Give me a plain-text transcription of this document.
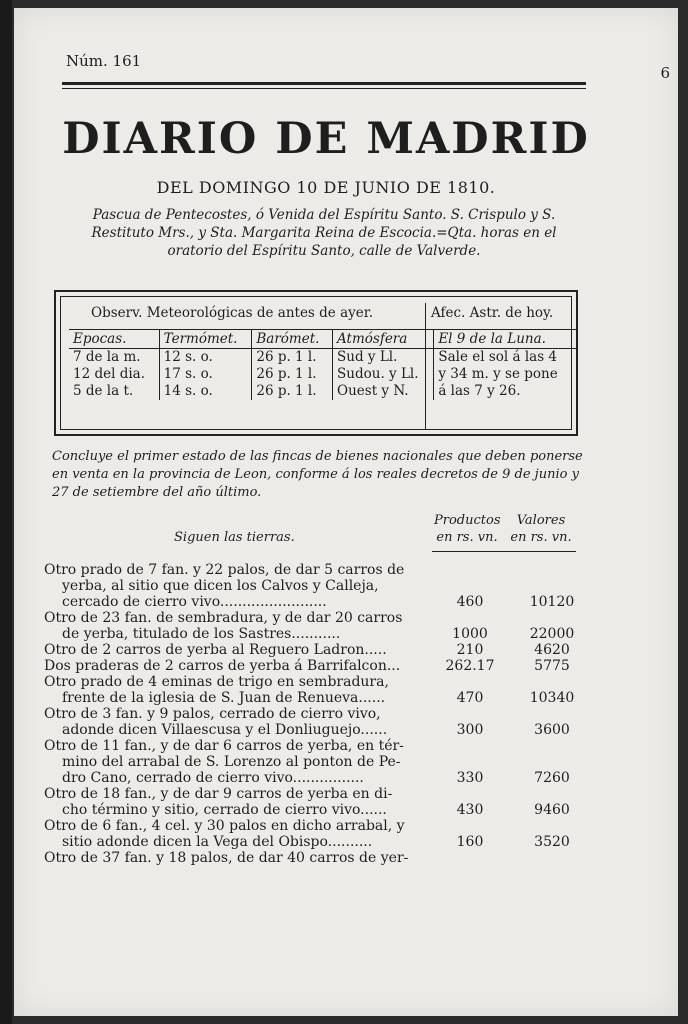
Núm. 161
6
DIARIO DE MADRID
DEL DOMINGO 10 DE JUNIO DE 1810.
Pascua de Pentecostes, ó Venida del Espíritu Santo. S. Crispulo y S. Restituto Mrs., y Sta. Margarita Reina de Escocia.=Qta. horas en el oratorio del Espíritu Santo, calle de Valverde.
Observ. Meteorológicas de antes de ayer.	Afec. Astr. de hoy.
Epocas.	Termómet.	Barómet.	Atmósfera	El 9 de la Luna.
7 de la m.	12 s. o.	26 p. 1 l.	Sud y Ll.	Sale el sol á las 4
12 del dia.	17 s. o.	26 p. 1 l.	Sudou. y Ll.	y 34 m. y se pone
5 de la t.	14 s. o.	26 p. 1 l.	Ouest y N.	á las 7 y 26.
Concluye el primer estado de las fincas de bienes nacionales que deben ponerse en venta en la provincia de Leon, conforme á los reales decretos de 9 de junio y 27 de setiembre del año último.
Siguen las tierras.
Productos
en rs. vn.
Valores
en rs. vn.
Otro prado de 7 fan. y 22 palos, de dar 5 carros de
yerba, al sitio que dicen los Calvos y Calleja,
cercado de cierro vivo........................	460	10120
Otro de 23 fan. de sembradura, y de dar 20 carros
de yerba, titulado de los Sastres...........	1000	22000
Otro de 2 carros de yerba al Reguero Ladron.....	210	4620
Dos praderas de 2 carros de yerba á Barrifalcon...	262.17	5775
Otro prado de 4 eminas de trigo en sembradura,
frente de la iglesia de S. Juan de Renueva......	470	10340
Otro de 3 fan. y 9 palos, cerrado de cierro vivo,
adonde dicen Villaescusa y el Donliuguejo......	300	3600
Otro de 11 fan., y de dar 6 carros de yerba, en tér-
mino del arrabal de S. Lorenzo al ponton de Pe-
dro Cano, cerrado de cierro vivo................	330	7260
Otro de 18 fan., y de dar 9 carros de yerba en di-
cho término y sitio, cerrado de cierro vivo......	430	9460
Otro de 6 fan., 4 cel. y 30 palos en dicho arrabal, y
sitio adonde dicen la Vega del Obispo..........	160	3520
Otro de 37 fan. y 18 palos, de dar 40 carros de yer-
